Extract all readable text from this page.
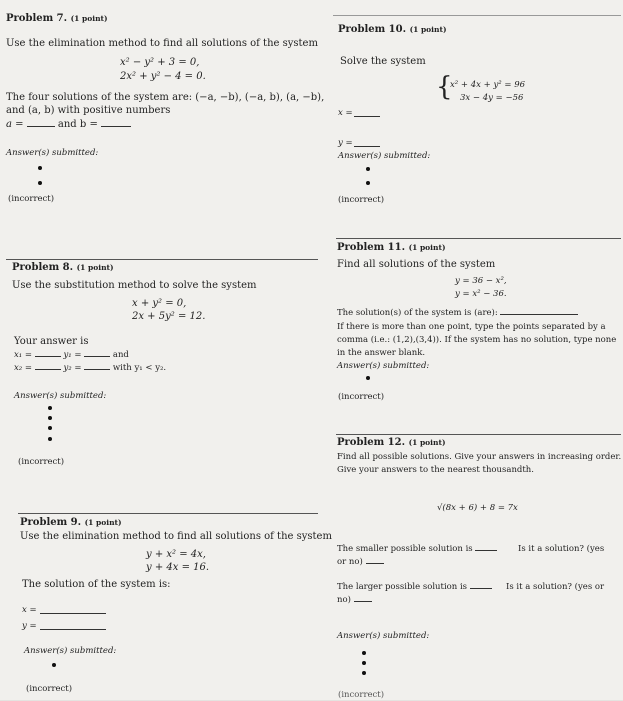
Problem 7. (1 point)
Use the elimination method to find all solutions of the system
x² − y² + 3 = 0,
2x² + y² − 4 = 0.
The four solutions of the system are: (−a, −b), (−a, b), (a, −b),
and (a, b) with positive numbers
a =	and b =
Answer(s) submitted:
(incorrect)
Problem 8. (1 point)
Use the substitution method to solve the system
x + y² = 0,
2x + 5y² = 12.
Your answer is
x₁ =	y₁ =	and
x₂ =	y₂ =	with y₁ < y₂.
Answer(s) submitted:
(incorrect)
Problem 9. (1 point)
Use the elimination method to find all solutions of the system
y + x² = 4x,
y + 4x = 16.
The solution of the system is:
x =
y =
Answer(s) submitted:
(incorrect)
Problem 10. (1 point)
Solve the system
{
x² + 4x + y² = 96
3x − 4y = −56
x =
y =
Answer(s) submitted:
(incorrect)
Problem 11. (1 point)
Find all solutions of the system
y = 36 − x²,
y = x² − 36.
The solution(s) of the system is (are):
If there is more than one point, type the points separated by a
comma (i.e.: (1,2),(3,4)). If the system has no solution, type none
in the answer blank.
Answer(s) submitted:
(incorrect)
Problem 12. (1 point)
Find all possible solutions. Give your answers in increasing order.
Give your answers to the nearest thousandth.
√(8x + 6) + 8 = 7x
The smaller possible solution is	Is it a solution? (yes
or no)
The larger possible solution is	Is it a solution? (yes or
no)
Answer(s) submitted:
(incorrect)
